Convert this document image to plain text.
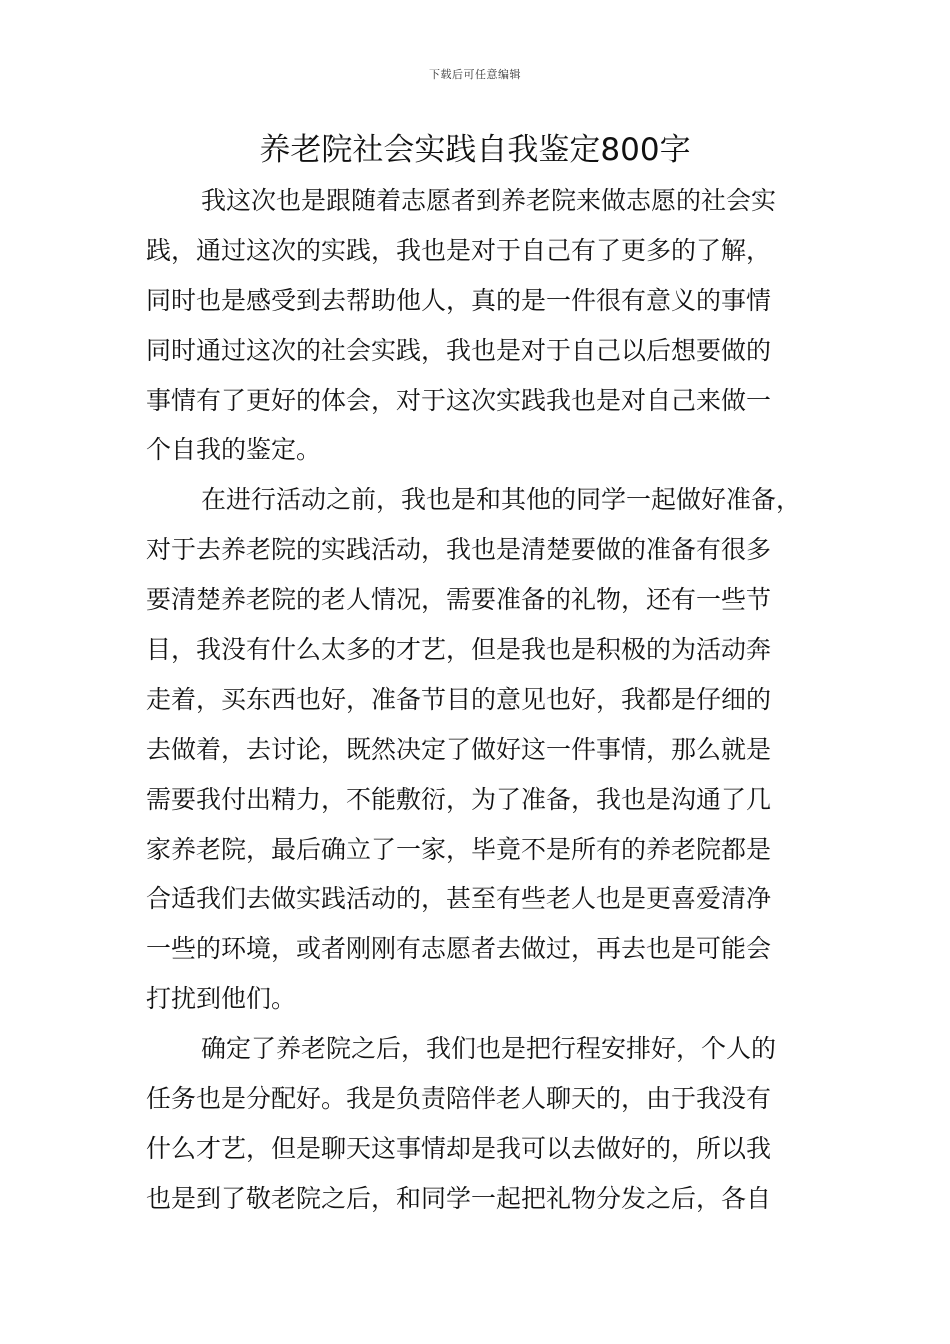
下载后可任意编辑
养老院社会实践自我鉴定800字
我这次也是跟随着志愿者到养老院来做志愿的社会实
践，通过这次的实践，我也是对于自己有了更多的了解，
同时也是感受到去帮助他人，真的是一件很有意义的事情
同时通过这次的社会实践，我也是对于自己以后想要做的
事情有了更好的体会，对于这次实践我也是对自己来做一
个自我的鉴定。
在进行活动之前，我也是和其他的同学一起做好准备，
对于去养老院的实践活动，我也是清楚要做的准备有很多
要清楚养老院的老人情况，需要准备的礼物，还有一些节
目，我没有什么太多的才艺，但是我也是积极的为活动奔
走着，买东西也好，准备节目的意见也好，我都是仔细的
去做着，去讨论，既然决定了做好这一件事情，那么就是
需要我付出精力，不能敷衍，为了准备，我也是沟通了几
家养老院，最后确立了一家，毕竟不是所有的养老院都是
合适我们去做实践活动的，甚至有些老人也是更喜爱清净
一些的环境，或者刚刚有志愿者去做过，再去也是可能会
打扰到他们。
确定了养老院之后，我们也是把行程安排好，个人的
任务也是分配好。我是负责陪伴老人聊天的，由于我没有
什么才艺，但是聊天这事情却是我可以去做好的，所以我
也是到了敬老院之后，和同学一起把礼物分发之后，各自
